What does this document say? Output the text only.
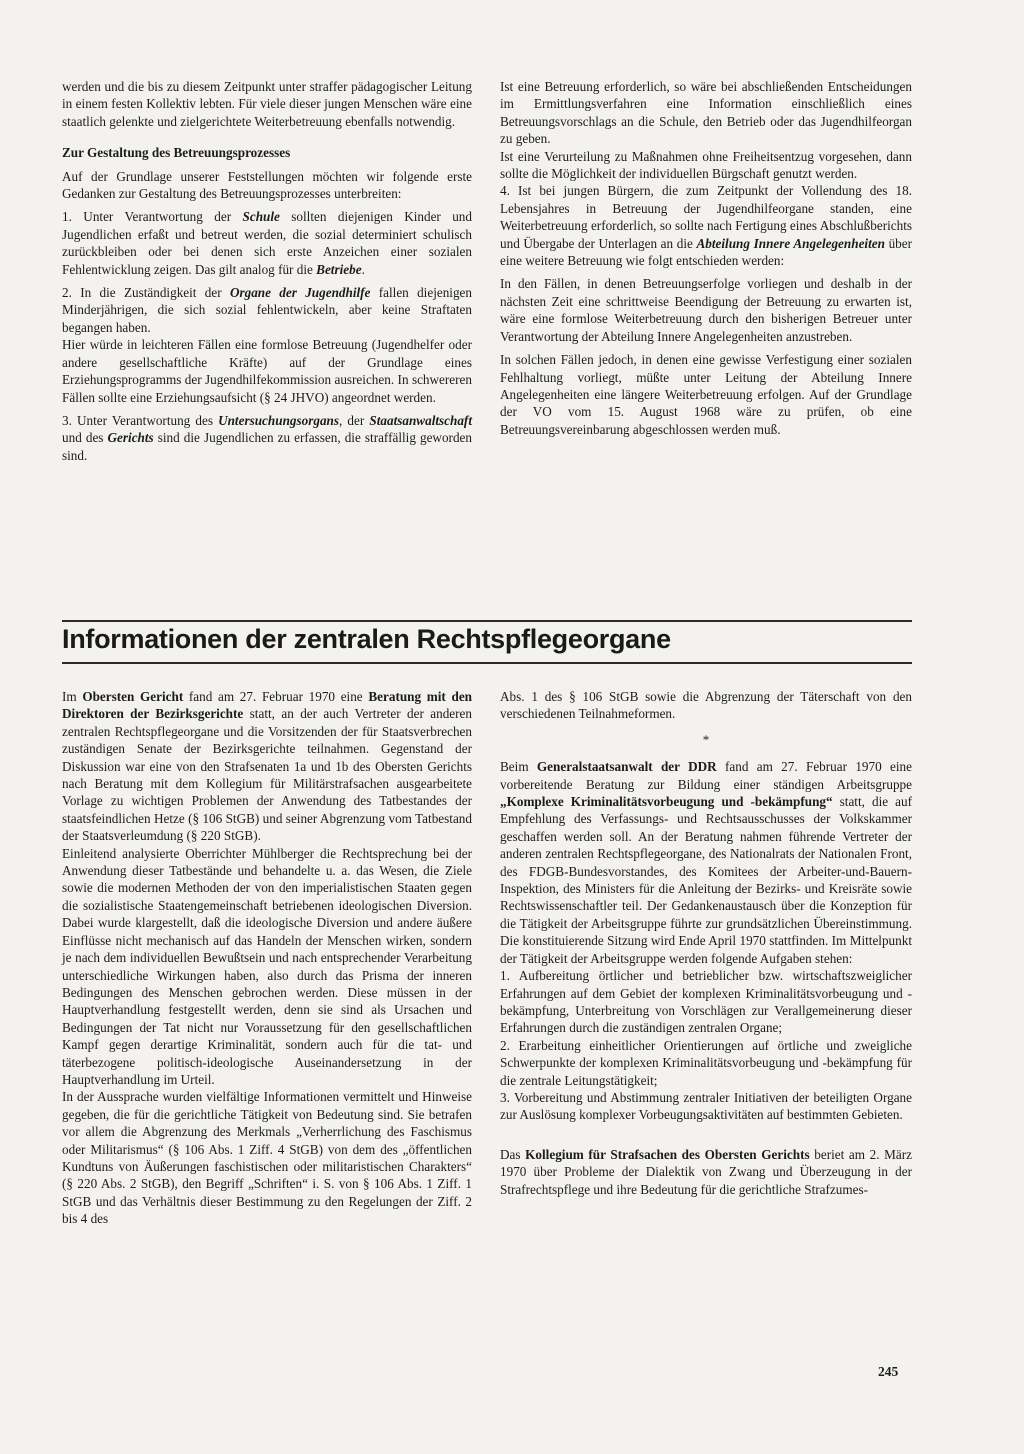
werden und die bis zu diesem Zeitpunkt unter straffer pädagogischer Leitung in einem festen Kollektiv lebten. Für viele dieser jungen Menschen wäre eine staatlich gelenkte und zielgerichtete Weiterbetreuung ebenfalls notwendig.

Zur Gestaltung des Betreuungsprozesses

Auf der Grundlage unserer Feststellungen möchten wir folgende erste Gedanken zur Gestaltung des Betreuungsprozesses unterbreiten:

1. Unter Verantwortung der Schule sollten diejenigen Kinder und Jugendlichen erfaßt und betreut werden, die sozial determiniert schulisch zurückbleiben oder bei denen sich erste Anzeichen einer sozialen Fehlentwicklung zeigen. Das gilt analog für die Betriebe.

2. In die Zuständigkeit der Organe der Jugendhilfe fallen diejenigen Minderjährigen, die sich sozial fehlentwickeln, aber keine Straftaten begangen haben.

Hier würde in leichteren Fällen eine formlose Betreuung (Jugendhelfer oder andere gesellschaftliche Kräfte) auf der Grundlage eines Erziehungsprogramms der Jugendhilfekommission ausreichen. In schwereren Fällen sollte eine Erziehungsaufsicht (§ 24 JHVO) angeordnet werden.

3. Unter Verantwortung des Untersuchungsorgans, der Staatsanwaltschaft und des Gerichts sind die Jugendlichen zu erfassen, die straffällig geworden sind.

Ist eine Betreuung erforderlich, so wäre bei abschließenden Entscheidungen im Ermittlungsverfahren eine Information einschließlich eines Betreuungsvorschlags an die Schule, den Betrieb oder das Jugendhilfeorgan zu geben.

Ist eine Verurteilung zu Maßnahmen ohne Freiheitsentzug vorgesehen, dann sollte die Möglichkeit der individuellen Bürgschaft genutzt werden.

4. Ist bei jungen Bürgern, die zum Zeitpunkt der Vollendung des 18. Lebensjahres in Betreuung der Jugendhilfeorgane standen, eine Weiterbetreuung erforderlich, so sollte nach Fertigung eines Abschlußberichts und Übergabe der Unterlagen an die Abteilung Innere Angelegenheiten über eine weitere Betreuung wie folgt entschieden werden:

In den Fällen, in denen Betreuungserfolge vorliegen und deshalb in der nächsten Zeit eine schrittweise Beendigung der Betreuung zu erwarten ist, wäre eine formlose Weiterbetreuung durch den bisherigen Betreuer unter Verantwortung der Abteilung Innere Angelegenheiten anzustreben.

In solchen Fällen jedoch, in denen eine gewisse Verfestigung einer sozialen Fehlhaltung vorliegt, müßte unter Leitung der Abteilung Innere Angelegenheiten eine längere Weiterbetreuung erfolgen. Auf der Grundlage der VO vom 15. August 1968 wäre zu prüfen, ob eine Betreuungsvereinbarung abgeschlossen werden muß.

Informationen der zentralen Rechtspflegeorgane

Im Obersten Gericht fand am 27. Februar 1970 eine Beratung mit den Direktoren der Bezirksgerichte statt, an der auch Vertreter der anderen zentralen Rechtspflegeorgane und die Vorsitzenden der für Staatsverbrechen zuständigen Senate der Bezirksgerichte teilnahmen. Gegenstand der Diskussion war eine von den Strafsenaten 1a und 1b des Obersten Gerichts nach Beratung mit dem Kollegium für Militärstrafsachen ausgearbeitete Vorlage zu wichtigen Problemen der Anwendung des Tatbestandes der staatsfeindlichen Hetze (§ 106 StGB) und seiner Abgrenzung vom Tatbestand der Staatsverleumdung (§ 220 StGB).

Einleitend analysierte Oberrichter Mühlberger die Rechtsprechung bei der Anwendung dieser Tatbestände und behandelte u. a. das Wesen, die Ziele sowie die modernen Methoden der von den imperialistischen Staaten gegen die sozialistische Staatengemeinschaft betriebenen ideologischen Diversion. Dabei wurde klargestellt, daß die ideologische Diversion und andere äußere Einflüsse nicht mechanisch auf das Handeln der Menschen wirken, sondern je nach dem individuellen Bewußtsein und nach entsprechender Verarbeitung unterschiedliche Wirkungen haben, also durch das Prisma der inneren Bedingungen des Menschen gebrochen werden. Diese müssen in der Hauptverhandlung festgestellt werden, denn sie sind als Ursachen und Bedingungen der Tat nicht nur Voraussetzung für den gesellschaftlichen Kampf gegen derartige Kriminalität, sondern auch für die tat- und täterbezogene politisch-ideologische Auseinandersetzung in der Hauptverhandlung im Urteil.

In der Aussprache wurden vielfältige Informationen vermittelt und Hinweise gegeben, die für die gerichtliche Tätigkeit von Bedeutung sind. Sie betrafen vor allem die Abgrenzung des Merkmals „Verherrlichung des Faschismus oder Militarismus“ (§ 106 Abs. 1 Ziff. 4 StGB) von dem des „öffentlichen Kundtuns von Äußerungen faschistischen oder militaristischen Charakters“ (§ 220 Abs. 2 StGB), den Begriff „Schriften“ i. S. von § 106 Abs. 1 Ziff. 1 StGB und das Verhältnis dieser Bestimmung zu den Regelungen der Ziff. 2 bis 4 des

Abs. 1 des § 106 StGB sowie die Abgrenzung der Täterschaft von den verschiedenen Teilnahmeformen.

*

Beim Generalstaatsanwalt der DDR fand am 27. Februar 1970 eine vorbereitende Beratung zur Bildung einer ständigen Arbeitsgruppe „Komplexe Kriminalitätsvorbeugung und -bekämpfung“ statt, die auf Empfehlung des Verfassungs- und Rechtsausschusses der Volkskammer geschaffen werden soll. An der Beratung nahmen führende Vertreter der anderen zentralen Rechtspflegeorgane, des Nationalrats der Nationalen Front, des FDGB-Bundesvorstandes, des Komitees der Arbeiter-und-Bauern-Inspektion, des Ministers für die Anleitung der Bezirks- und Kreisräte sowie Rechtswissenschaftler teil. Der Gedankenaustausch über die Konzeption für die Tätigkeit der Arbeitsgruppe führte zur grundsätzlichen Übereinstimmung. Die konstituierende Sitzung wird Ende April 1970 stattfinden. Im Mittelpunkt der Tätigkeit der Arbeitsgruppe werden folgende Aufgaben stehen:

1. Aufbereitung örtlicher und betrieblicher bzw. wirtschaftszweiglicher Erfahrungen auf dem Gebiet der komplexen Kriminalitätsvorbeugung und -bekämpfung, Unterbreitung von Vorschlägen zur Verallgemeinerung dieser Erfahrungen durch die zuständigen zentralen Organe;

2. Erarbeitung einheitlicher Orientierungen auf örtliche und zweigliche Schwerpunkte der komplexen Kriminalitätsvorbeugung und -bekämpfung für die zentrale Leitungstätigkeit;

3. Vorbereitung und Abstimmung zentraler Initiativen der beteiligten Organe zur Auslösung komplexer Vorbeugungsaktivitäten auf bestimmten Gebieten.

Das Kollegium für Strafsachen des Obersten Gerichts beriet am 2. März 1970 über Probleme der Dialektik von Zwang und Überzeugung in der Strafrechtspflege und ihre Bedeutung für die gerichtliche Strafzumes-

245
